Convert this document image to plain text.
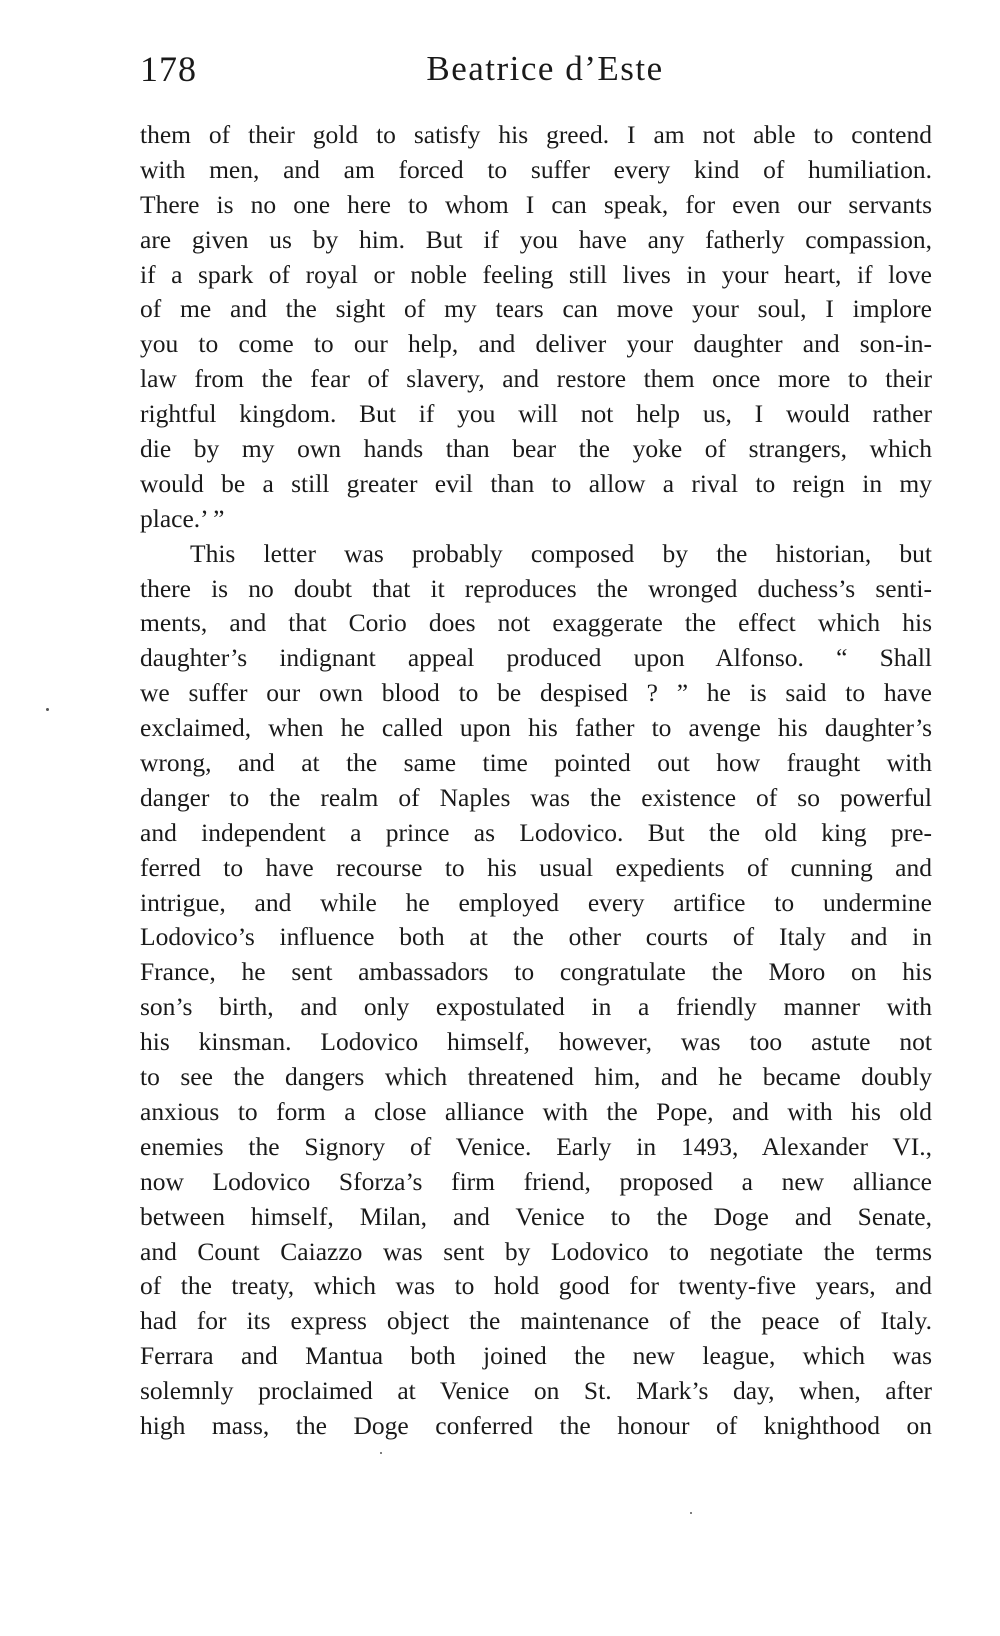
178	Beatrice d’Este
them of their gold to satisfy his greed. I am not able to contend
with men, and am forced to suffer every kind of humiliation.
There is no one here to whom I can speak, for even our servants
are given us by him. But if you have any fatherly compassion,
if a spark of royal or noble feeling still lives in your heart, if love
of me and the sight of my tears can move your soul, I implore
you to come to our help, and deliver your daughter and son-in-
law from the fear of slavery, and restore them once more to their
rightful kingdom. But if you will not help us, I would rather
die by my own hands than bear the yoke of strangers, which
would be a still greater evil than to allow a rival to reign in my
place.’ ”
This letter was probably composed by the historian, but
there is no doubt that it reproduces the wronged duchess’s senti-
ments, and that Corio does not exaggerate the effect which his
daughter’s indignant appeal produced upon Alfonso. “ Shall
we suffer our own blood to be despised ? ” he is said to have
exclaimed, when he called upon his father to avenge his daughter’s
wrong, and at the same time pointed out how fraught with
danger to the realm of Naples was the existence of so powerful
and independent a prince as Lodovico. But the old king pre-
ferred to have recourse to his usual expedients of cunning and
intrigue, and while he employed every artifice to undermine
Lodovico’s influence both at the other courts of Italy and in
France, he sent ambassadors to congratulate the Moro on his
son’s birth, and only expostulated in a friendly manner with
his kinsman. Lodovico himself, however, was too astute not
to see the dangers which threatened him, and he became doubly
anxious to form a close alliance with the Pope, and with his old
enemies the Signory of Venice. Early in 1493, Alexander VI.,
now Lodovico Sforza’s firm friend, proposed a new alliance
between himself, Milan, and Venice to the Doge and Senate,
and Count Caiazzo was sent by Lodovico to negotiate the terms
of the treaty, which was to hold good for twenty-five years, and
had for its express object the maintenance of the peace of Italy.
Ferrara and Mantua both joined the new league, which was
solemnly proclaimed at Venice on St. Mark’s day, when, after
high mass, the Doge conferred the honour of knighthood on
